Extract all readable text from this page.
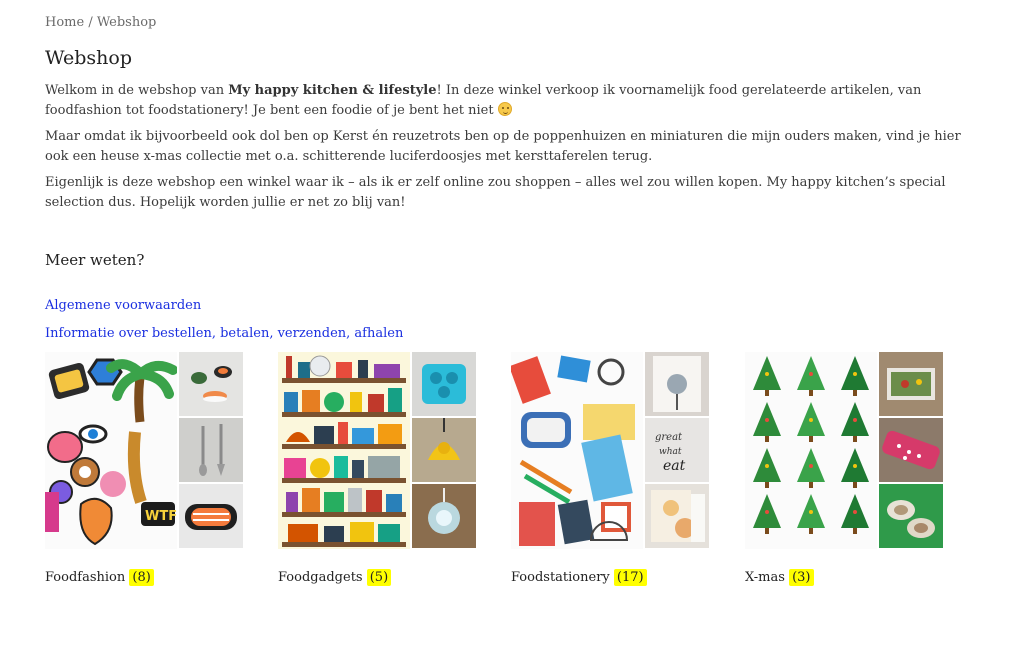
Home / Webshop
Webshop

Welkom in de webshop van My happy kitchen & lifestyle! In deze winkel verkoop ik voornamelijk food gerelateerde artikelen, van foodfashion tot foodstationery! Je bent een foodie of je bent het niet

Maar omdat ik bijvoorbeeld ook dol ben op Kerst én reuzetrots ben op de poppenhuizen en miniaturen die mijn ouders maken, vind je hier ook een heuse x-mas collectie met o.a. schitterende luciferdoosjes met kersttaferelen terug.

Eigenlijk is deze webshop een winkel waar ik – als ik er zelf online zou shoppen – alles wel zou willen kopen. My happy kitchen’s special selection dus. Hopelijk worden jullie er net zo blij van!

Meer weten?
Algemene voorwaarden
Informatie over bestellen, betalen, verzenden, afhalen
WTF
Foodfashion (8)	Foodgadgets (5)
great
what
eat
Foodstationery (17)	X-mas (3)
